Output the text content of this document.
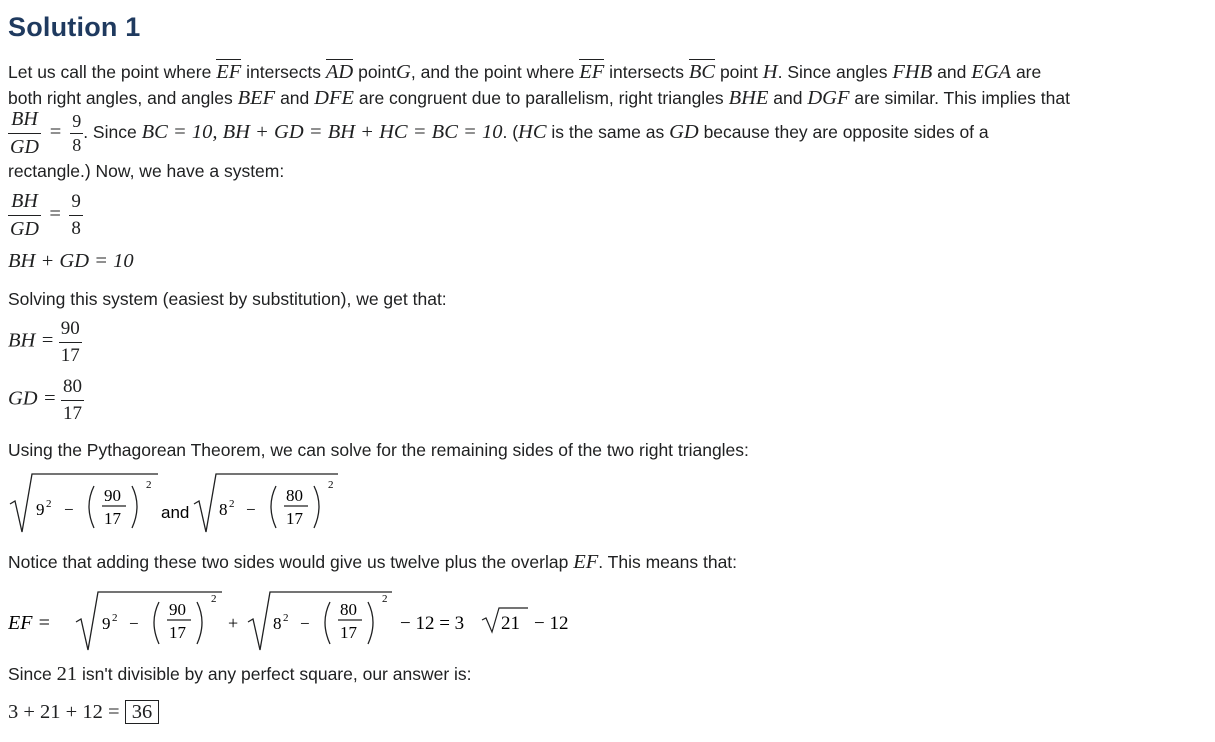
Solution 1
Let us call the point where EF intersects AD pointG, and the point where EF intersects BC point H. Since angles FHB and EGA are
both right angles, and angles BEF and DFE are congruent due to parallelism, right triangles BHE and DGF are similar. This implies that
$\frac{BH}{GD} = \frac{9}{8}$ . Since BC = 10, BH + GD = BH + HC = BC = 10. (HC is the same as GD because they are opposite sides of a
rectangle.) Now, we have a system:
$\frac{BH}{GD} = \frac{9}{8}$
BH + GD = 10
Solving this system (easiest by substitution), we get that:
BH = $\frac{90}{17}$
GD = $\frac{80}{17}$
Using the Pythagorean Theorem, we can solve for the remaining sides of the two right triangles:
9 2 −
90
17
2
and 8 2 −
80
17
2
Notice that adding these two sides would give us twelve plus the overlap EF. This means that:
EF =	9 2 −
90
17
2
+ 8 2 −
80
17
2
− 12 = 3 21 − 12
Since 21 isn't divisible by any perfect square, our answer is:
3 + 21 + 12 = 36
